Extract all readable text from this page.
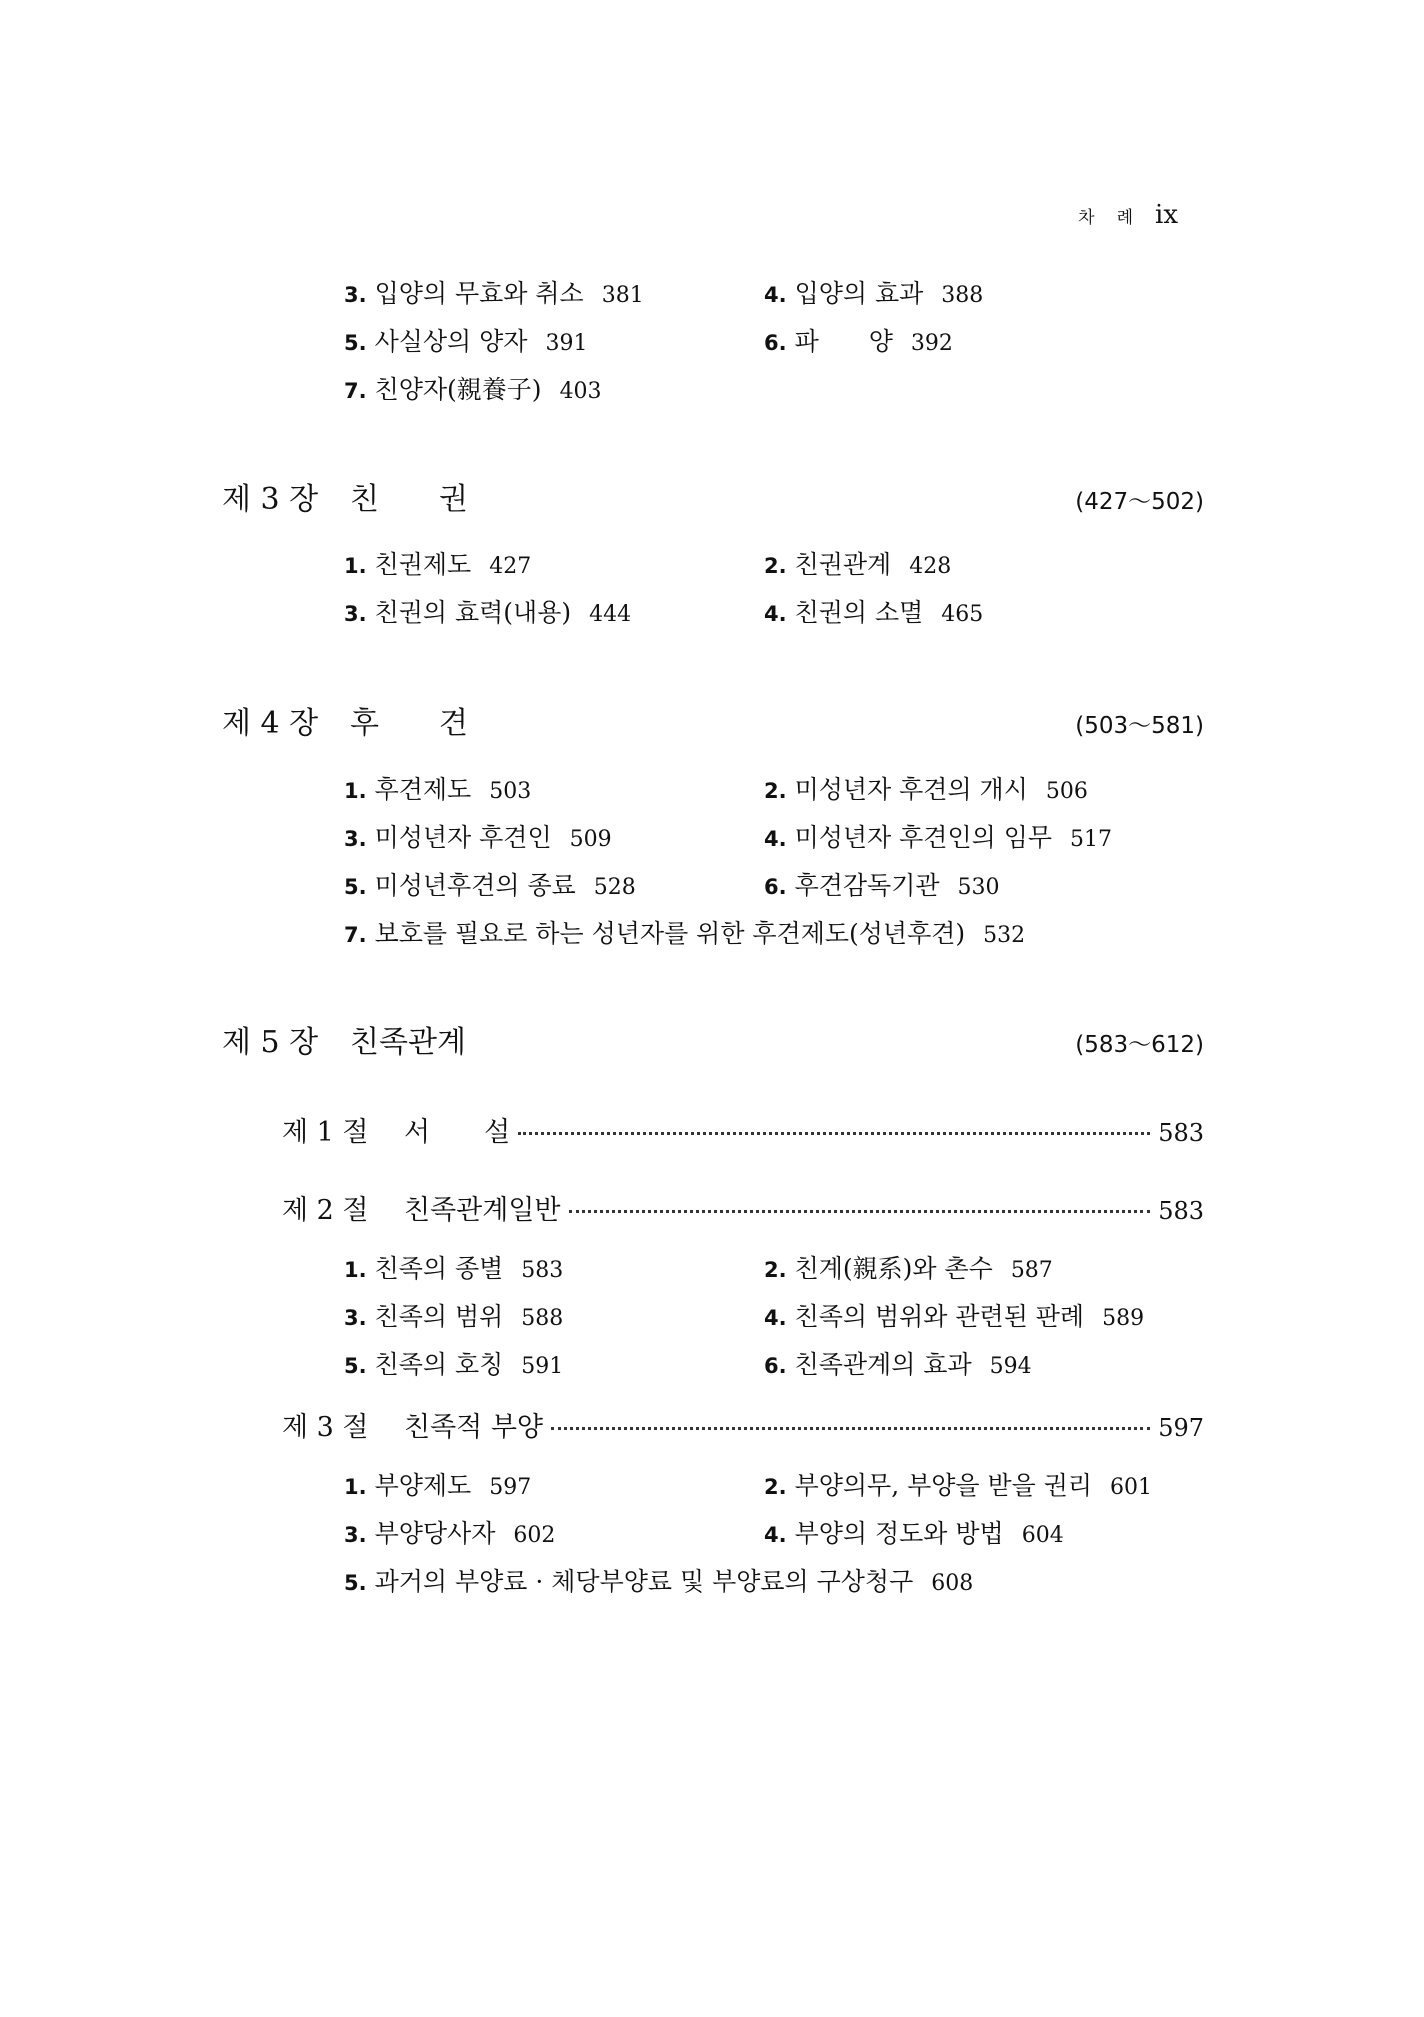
차 례 ix
3. 입양의 무효와 취소 381	4. 입양의 효과 388
5. 사실상의 양자 391	6. 파　　양 392
7. 친양자(親養子) 403
제 3 장	친　　권	(427～502)
1. 친권제도 427	2. 친권관계 428
3. 친권의 효력(내용) 444	4. 친권의 소멸 465
제 4 장	후　　견	(503～581)
1. 후견제도 503	2. 미성년자 후견의 개시 506
3. 미성년자 후견인 509	4. 미성년자 후견인의 임무 517
5. 미성년후견의 종료 528	6. 후견감독기관 530
7. 보호를 필요로 하는 성년자를 위한 후견제도(성년후견) 532
제 5 장	친족관계	(583～612)
제 1 절	서　　설	583
제 2 절	친족관계일반	583
1. 친족의 종별 583	2. 친계(親系)와 촌수 587
3. 친족의 범위 588	4. 친족의 범위와 관련된 판례 589
5. 친족의 호칭 591	6. 친족관계의 효과 594
제 3 절	친족적 부양	597
1. 부양제도 597	2. 부양의무, 부양을 받을 권리 601
3. 부양당사자 602	4. 부양의 정도와 방법 604
5. 과거의 부양료 · 체당부양료 및 부양료의 구상청구 608
